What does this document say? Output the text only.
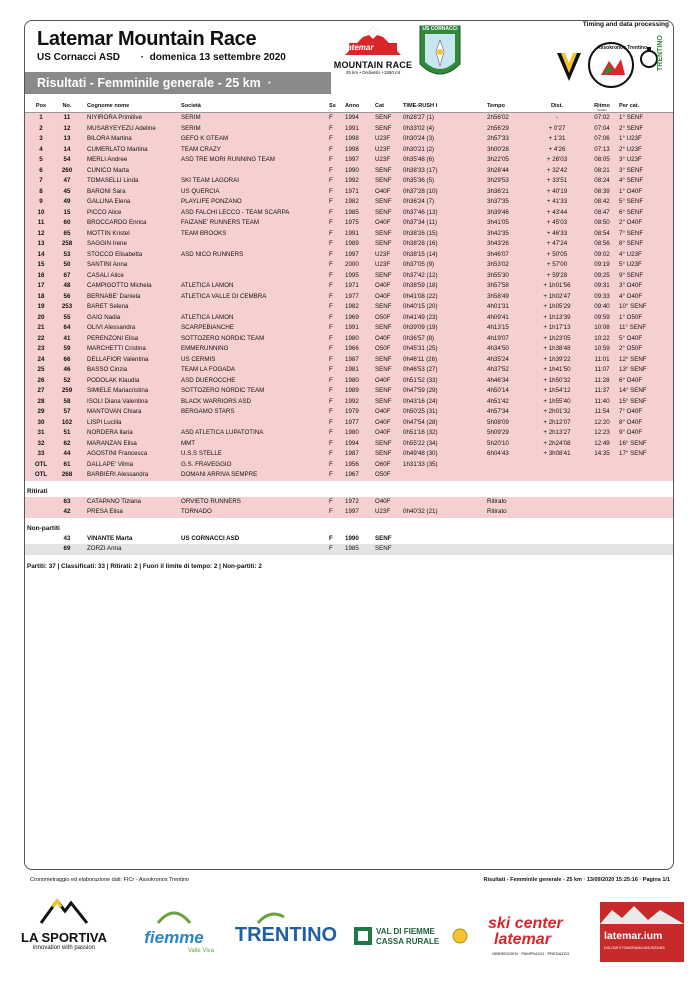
Latemar Mountain Race
US Cornacci ASD ·  domenica 13 settembre 2020
Risultati - Femminile generale - 25 km  ·
latemar
MOUNTAIN RACE
25 km • Dislivello +1550 mt
US CORNACCI
Timing and data processing
Assokronos Trentino TRENTINO
Pos	No.	Cognome nome	Società	Ss	Anno	Cat	TIME-RUSH I	Tempo	Dist.	Ritmo	Per cat.
min/km
1	11	NIYIRORA Primitive	SERIM	F	1994	SENF	0h28'27 (1)	2h56'02	-	07:02	1° SENF
2	12	MUSABYEYEZU Adeline	SERIM	F	1991	SENF	0h33'02 (4)	2h56'29	+ 0'27	07:04	2° SENF
3	13	BILORA Martina	GEFO K GTEAM	F	1998	U23F	0h30'24 (3)	2h57'33	+ 1'31	07:06	1° U23F
4	14	CUMERLATO Martina	TEAM CRAZY	F	1998	U23F	0h30'21 (2)	3h00'28	+ 4'26	07:13	2° U23F
5	54	MERLI Andree	ASD TRE MORI RUNNING TEAM	F	1997	U23F	0h35'48 (6)	3h22'05	+ 26'03	08:05	3° U23F
6	260	CUNICO Marta	F	1990	SENF	0h38'33 (17)	3h28'44	+ 32'42	08:21	3° SENF
7	47	TOMASELLI Linda	SKI TEAM LAGORAI	F	1992	SENF	0h35'36 (5)	3h29'53	+ 33'51	08:24	4° SENF
8	45	BARONI Sara	US QUERCIA	F	1971	O40F	0h37'28 (10)	3h36'21	+ 40'19	08:39	1° O40F
9	49	GALLINA Elena	PLAYLIFE PONZANO	F	1982	SENF	0h36'24 (7)	3h37'35	+ 41'33	08:42	5° SENF
10	15	PICCO Alice	ASD FALCHI LECCO - TEAM SCARPA	F	1985	SENF	0h37'46 (13)	3h39'46	+ 43'44	08:47	6° SENF
11	60	BROCCARDO Enrica	FAIZANE' RUNNERS TEAM	F	1975	O40F	0h37'34 (11)	3h41'05	+ 45'03	08:50	2° O40F
12	65	MOTTIN Kristel	TEAM BROOKS	F	1991	SENF	0h38'26 (15)	3h42'35	+ 46'33	08:54	7° SENF
13	258	SAGGIN Irene	F	1989	SENF	0h38'28 (16)	3h43'26	+ 47'24	08:56	8° SENF
14	53	STOCCO Elisabetta	ASD NICO RUNNERS	F	1997	U23F	0h38'15 (14)	3h46'07	+ 50'05	09:02	4° U23F
15	50	SANTINI Anna	F	2000	U23F	0h37'05 (9)	3h53'02	+ 57'00	09:19	5° U23F
16	67	CASALI Alice	F	1995	SENF	0h37'42 (12)	3h55'30	+ 59'28	09:25	9° SENF
17	48	CAMPIGOTTO Michela	ATLETICA LAMON	F	1971	O40F	0h38'59 (18)	3h57'58	+ 1h01'56	09:31	3° O40F
18	56	BERNABE' Daniela	ATLETICA VALLE DI CEMBRA	F	1977	O40F	0h41'08 (22)	3h58'49	+ 1h02'47	09:33	4° O40F
19	253	BARET Selena	F	1982	SENF	0h40'15 (20)	4h01'31	+ 1h05'29	09:40	10° SENF
20	55	GAIO Nadia	ATLETICA LAMON	F	1969	O50F	0h41'49 (23)	4h09'41	+ 1h13'39	09:59	1° O50F
21	64	OLIVI Alessandra	SCARPEBIANCHE	F	1991	SENF	0h39'09 (19)	4h13'15	+ 1h17'13	10:08	11° SENF
22	41	PERENZONI Elisa	SOTTOZERO NORDIC TEAM	F	1980	O40F	0h36'57 (8)	4h19'07	+ 1h23'05	10:22	5° O40F
23	59	MARCHETTI Cristina	EMMERUNNING	F	1966	O50F	0h45'31 (25)	4h34'50	+ 1h38'48	10:59	2° O50F
24	66	DELLAFIOR Valentina	US CERMIS	F	1987	SENF	0h46'11 (26)	4h35'24	+ 1h39'22	11:01	12° SENF
25	46	BASSO Cinzia	TEAM LA FOGADA	F	1981	SENF	0h46'53 (27)	4h37'52	+ 1h41'50	11:07	13° SENF
26	52	PODOLAK Klaudia	ASD DUEROCCHE	F	1980	O40F	0h51'52 (33)	4h46'34	+ 1h50'32	11:28	6° O40F
27	259	SIMIELE Mariacristina	SOTTOZERO NORDIC TEAM	F	1989	SENF	0h47'59 (29)	4h50'14	+ 1h54'12	11:37	14° SENF
28	58	ISOLI Diana Valentina	BLACK WARRIORS ASD	F	1992	SENF	0h43'16 (24)	4h51'42	+ 1h55'40	11:40	15° SENF
29	57	MANTOVAN Chiara	BERGAMO STARS	F	1979	O40F	0h50'25 (31)	4h57'34	+ 2h01'32	11:54	7° O40F
30	102	LISPI Lucilla	F	1977	O40F	0h47'54 (28)	5h08'09	+ 2h12'07	12:20	8° O40F
31	51	NORDERA Ilaria	ASD ATLETICA LUPATOTINA	F	1980	O40F	0h51'16 (32)	5h09'29	+ 2h13'27	12:23	9° O40F
32	62	MARANZAN Elisa	MMT	F	1994	SENF	0h55'22 (34)	5h20'10	+ 2h24'08	12:49	16° SENF
33	44	AGOSTINI Francesca	U.S.S STELLE	F	1987	SENF	0h49'48 (30)	6h04'43	+ 3h08'41	14:35	17° SENF
OTL	61	DALLAPE' Vilma	G.S. FRAVEGGIO	F	1956	O60F	1h31'33 (35)
OTL	268	BARBIERI Alessandra	DOMANI ARRIVA SEMPRE	F	1967	O50F
Ritirati
63	CATAPANO Tiziana	ORVIETO RUNNERS	F	1972	O40F	Ritirato
42	PRESA Elisa	TORNADO	F	1997	U23F	0h40'32 (21)	Ritirato
Non-partiti
43	VINANTE Marta	US CORNACCI ASD	F	1990	SENF
69	ZORZI Anna	F	1985	SENF
Partiti: 37 | Classificati: 33 | Ritirati: 2 | Fuori il limite di tempo: 2 | Non-partiti: 2
Cronometraggio ed elaborazione dati: FICr - Assokronos Trentino	Risultati - Femminile generale - 25 km · 13/09/2020 15:25:16 · Pagina 1/1
LA SPORTIVA
innovation with passion
fiemme
Valle Viva
TRENTINO	VAL DI FIEMME
CASSA RURALE
ski center
latemar
OBEREGGEN · PAMPEAGO · PREDAZZO
latemar.ium
DOLOMITI PANORAMA MOUNTAINS
